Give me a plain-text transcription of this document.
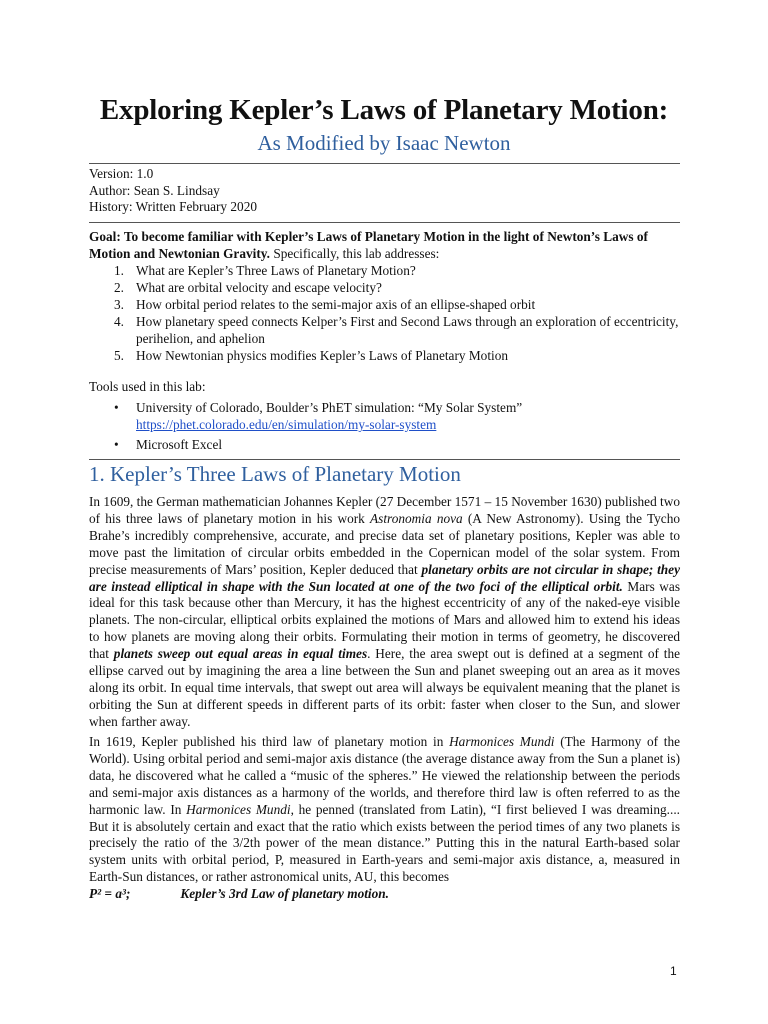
Exploring Kepler’s Laws of Planetary Motion:
As Modified by Isaac Newton
Version: 1.0
Author: Sean S. Lindsay
History: Written February 2020
Goal: To become familiar with Kepler’s Laws of Planetary Motion in the light of Newton’s Laws of Motion and Newtonian Gravity. Specifically, this lab addresses:
1. What are Kepler’s Three Laws of Planetary Motion?
2. What are orbital velocity and escape velocity?
3. How orbital period relates to the semi-major axis of an ellipse-shaped orbit
4. How planetary speed connects Kelper’s First and Second Laws through an exploration of eccentricity, perihelion, and aphelion
5. How Newtonian physics modifies Kepler’s Laws of Planetary Motion
Tools used in this lab:
• University of Colorado, Boulder’s PhET simulation: “My Solar System”
https://phet.colorado.edu/en/simulation/my-solar-system
• Microsoft Excel
1. Kepler’s Three Laws of Planetary Motion
In 1609, the German mathematician Johannes Kepler (27 December 1571 – 15 November 1630) published two of his three laws of planetary motion in his work Astronomia nova (A New Astronomy). Using the Tycho Brahe’s incredibly comprehensive, accurate, and precise data set of planetary positions, Kepler was able to move past the limitation of circular orbits embedded in the Copernican model of the solar system. From precise measurements of Mars’ position, Kepler deduced that planetary orbits are not circular in shape; they are instead elliptical in shape with the Sun located at one of the two foci of the elliptical orbit. Mars was ideal for this task because other than Mercury, it has the highest eccentricity of any of the naked-eye visible planets. The non-circular, elliptical orbits explained the motions of Mars and allowed him to extend his ideas to how planets are moving along their orbits. Formulating their motion in terms of geometry, he discovered that planets sweep out equal areas in equal times. Here, the area swept out is defined at a segment of the ellipse carved out by imagining the area a line between the Sun and planet sweeping out an area as it moves along its orbit. In equal time intervals, that swept out area will always be equivalent meaning that the planet is orbiting the Sun at different speeds in different parts of its orbit: faster when closer to the Sun, and slower when farther away.
In 1619, Kepler published his third law of planetary motion in Harmonices Mundi (The Harmony of the World). Using orbital period and semi-major axis distance (the average distance away from the Sun a planet is) data, he discovered what he called a “music of the spheres.” He viewed the relationship between the periods and semi-major axis distances as a harmony of the worlds, and therefore third law is often referred to as the harmonic law. In Harmonices Mundi, he penned (translated from Latin), “I first believed I was dreaming.... But it is absolutely certain and exact that the ratio which exists between the period times of any two planets is precisely the ratio of the 3/2th power of the mean distance.” Putting this in the natural Earth-based solar system units with orbital period, P, measured in Earth-years and semi-major axis distance, a, measured in Earth-Sun distances, or rather astronomical units, AU, this becomes
P² = a³;	Kepler’s 3rd Law of planetary motion.
1
